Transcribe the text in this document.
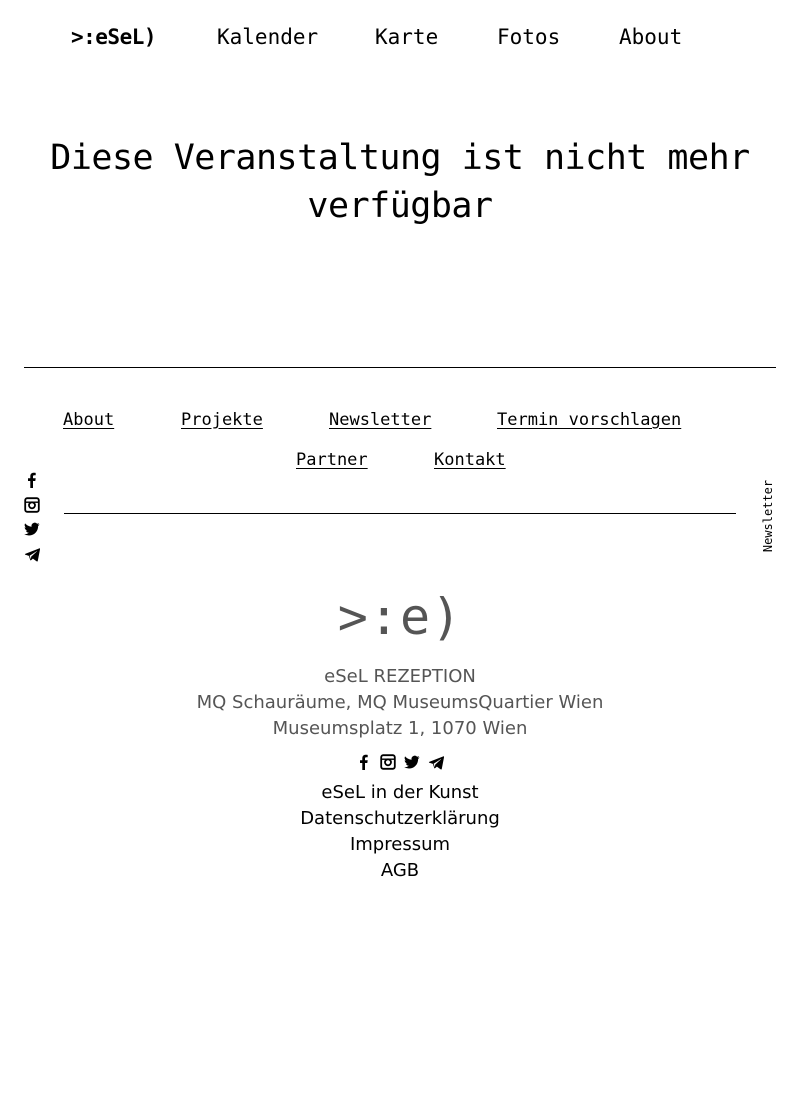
>:eSeL)	Kalender	Karte	Fotos	About
Diese Veranstaltung ist nicht mehr verfügbar
About	Projekte	Newsletter	Termin vorschlagen
Partner	Kontakt
Newsletter
>:e)
eSeL REZEPTION
MQ Schauräume, MQ MuseumsQuartier Wien
Museumsplatz 1, 1070 Wien
eSeL in der Kunst
Datenschutzerklärung
Impressum
AGB
